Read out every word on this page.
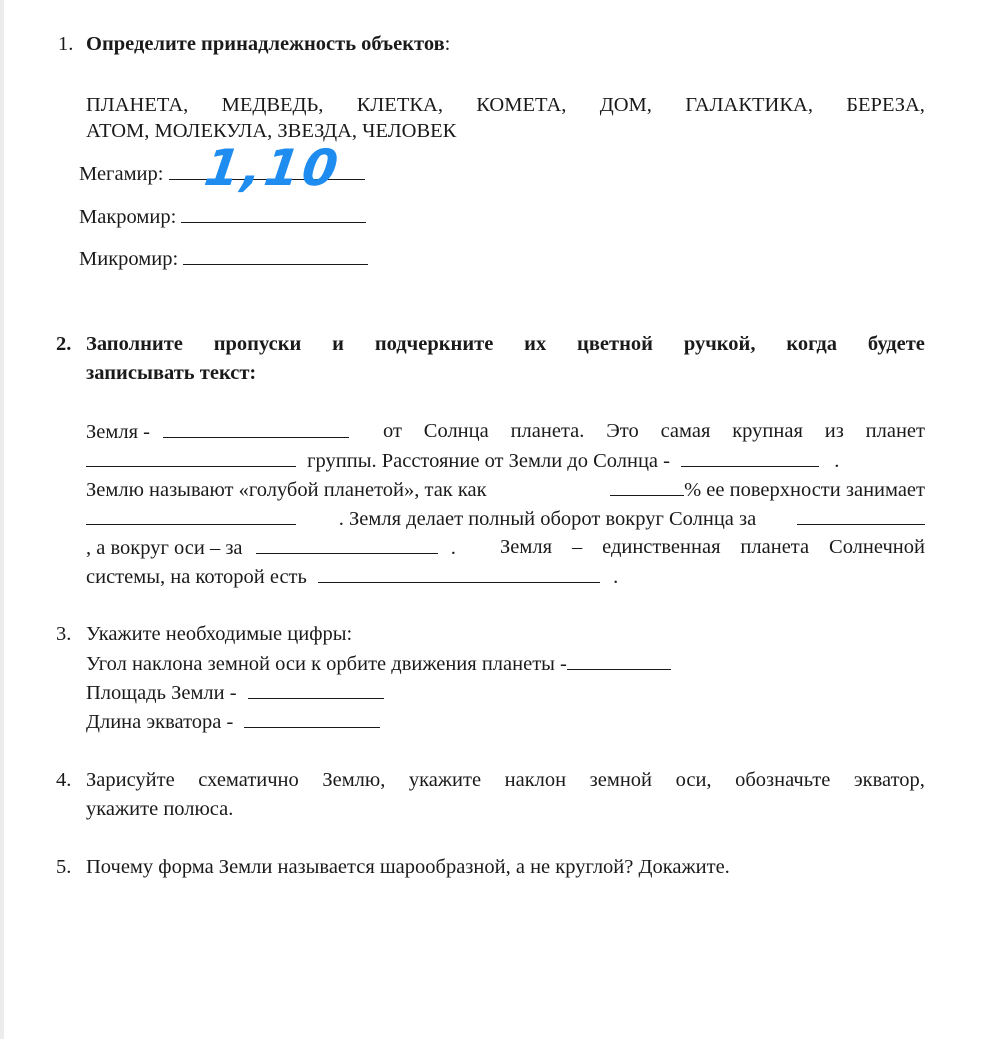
1. Определите принадлежность объектов:
ПЛАНЕТА, МЕДВЕДЬ, КЛЕТКА, КОМЕТА, ДОМ, ГАЛАКТИКА, БЕРЕЗА,
АТОМ, МОЛЕКУЛА, ЗВЕЗДА, ЧЕЛОВЕК
Мегамир: 1,10
Макромир:
Микромир:
2. Заполните пропуски и подчеркните их цветной ручкой, когда будете
записывать текст:
Земля -	от Солнца планета. Это самая крупная из планет
группы. Расстояние от Земли до Солнца -	.
Землю называют «голубой планетой», так как	% ее поверхности занимает
. Земля делает полный оборот вокруг Солнца за
, а вокруг оси – за	. Земля – единственная планета Солнечной
системы, на которой есть	.
3. Укажите необходимые цифры:
Угол наклона земной оси к орбите движения планеты -
Площадь Земли -
Длина экватора -
4. Зарисуйте схематично Землю, укажите наклон земной оси, обозначьте экватор,
укажите полюса.
5. Почему форма Земли называется шарообразной, а не круглой? Докажите.
